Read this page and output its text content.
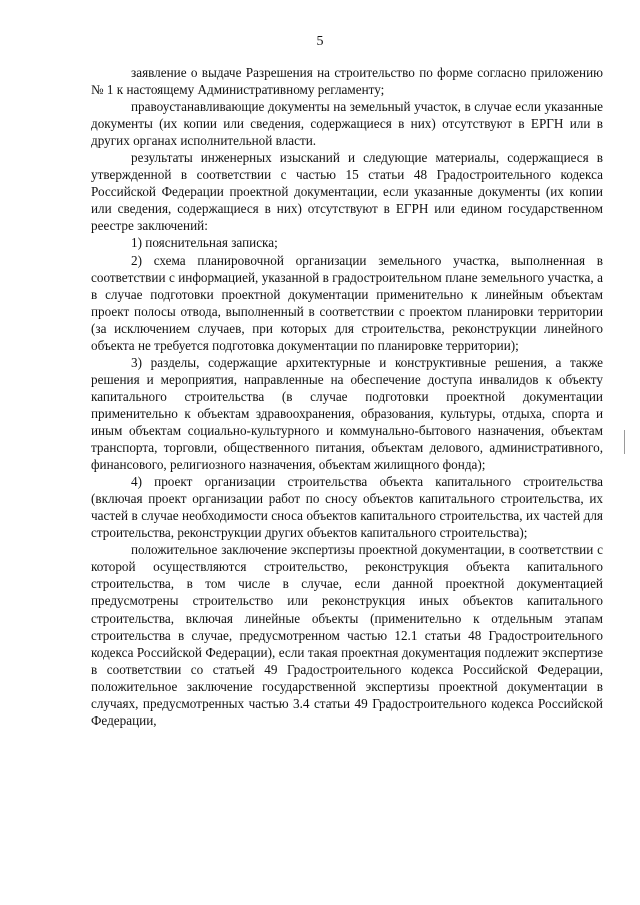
5

заявление о выдаче Разрешения на строительство по форме согласно приложению № 1 к настоящему Административному регламенту;

правоустанавливающие документы на земельный участок, в случае если указанные документы (их копии или сведения, содержащиеся в них) отсутствуют в ЕРГН или в других органах исполнительной власти.

результаты инженерных изысканий и следующие материалы, содержащиеся в утвержденной в соответствии с частью 15 статьи 48 Градостроительного кодекса Российской Федерации проектной документации, если указанные документы (их копии или сведения, содержащиеся в них) отсутствуют в ЕГРН или едином государственном реестре заключений:

1) пояснительная записка;

2) схема планировочной организации земельного участка, выполненная в соответствии с информацией, указанной в градостроительном плане земельного участка, а в случае подготовки проектной документации применительно к линейным объектам проект полосы отвода, выполненный в соответствии с проектом планировки территории (за исключением случаев, при которых для строительства, реконструкции линейного объекта не требуется подготовка документации по планировке территории);

3) разделы, содержащие архитектурные и конструктивные решения, а также решения и мероприятия, направленные на обеспечение доступа инвалидов к объекту капитального строительства (в случае подготовки проектной документации применительно к объектам здравоохранения, образования, культуры, отдыха, спорта и иным объектам социально-культурного и коммунально-бытового назначения, объектам транспорта, торговли, общественного питания, объектам делового, административного, финансового, религиозного назначения, объектам жилищного фонда);

4) проект организации строительства объекта капитального строительства (включая проект организации работ по сносу объектов капитального строительства, их частей в случае необходимости сноса объектов капитального строительства, их частей для строительства, реконструкции других объектов капитального строительства);

положительное заключение экспертизы проектной документации, в соответствии с которой осуществляются строительство, реконструкция объекта капитального строительства, в том числе в случае, если данной проектной документацией предусмотрены строительство или реконструкция иных объектов капитального строительства, включая линейные объекты (применительно к отдельным этапам строительства в случае, предусмотренном частью 12.1 статьи 48 Градостроительного кодекса Российской Федерации), если такая проектная документация подлежит экспертизе в соответствии со статьей 49 Градостроительного кодекса Российской Федерации, положительное заключение государственной экспертизы проектной документации в случаях, предусмотренных частью 3.4 статьи 49 Градостроительного кодекса Российской Федерации,
